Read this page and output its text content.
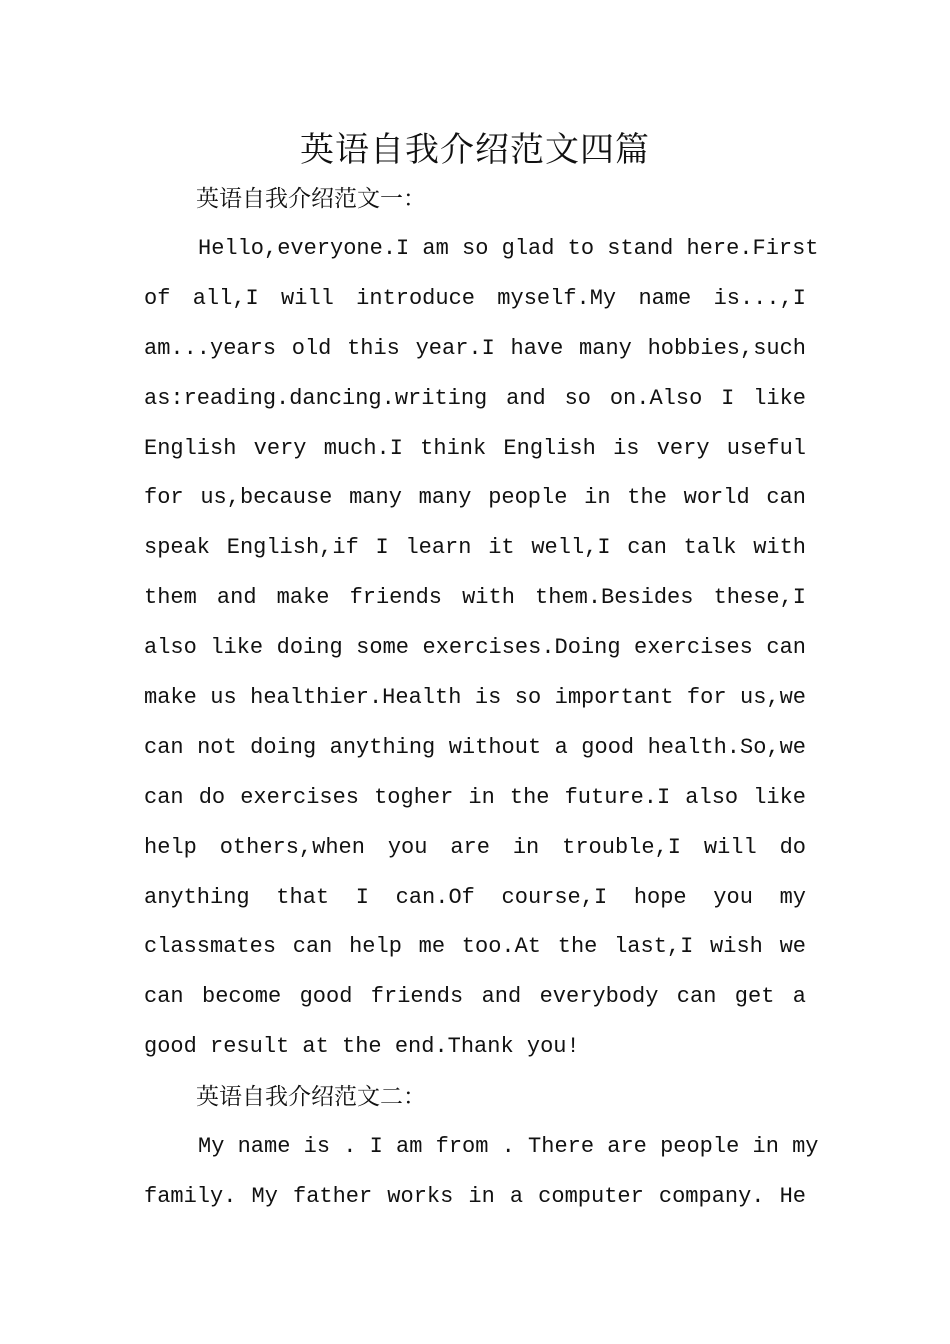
英语自我介绍范文四篇
英语自我介绍范文一：

Hello,everyone.I am so glad to stand here.First
of all,I will introduce myself.My name is...,I
am...years old this year.I have many hobbies,such
as:reading.dancing.writing and so on.Also I like
English very much.I think English is very useful
for us,because many many people in the world can
speak English,if I learn it well,I can talk with
them and make friends with them.Besides these,I
also like doing some exercises.Doing exercises can
make us healthier.Health is so important for us,we
can not doing anything without a good health.So,we
can do exercises togher in the future.I also like
help others,when you are in trouble,I will do
anything that I can.Of course,I hope you my
classmates can help me too.At the last,I wish we
can become good friends and everybody can get a
good result at the end.Thank you!

英语自我介绍范文二：

My name is . I am from . There are people in my
family. My father works in a computer company. He
